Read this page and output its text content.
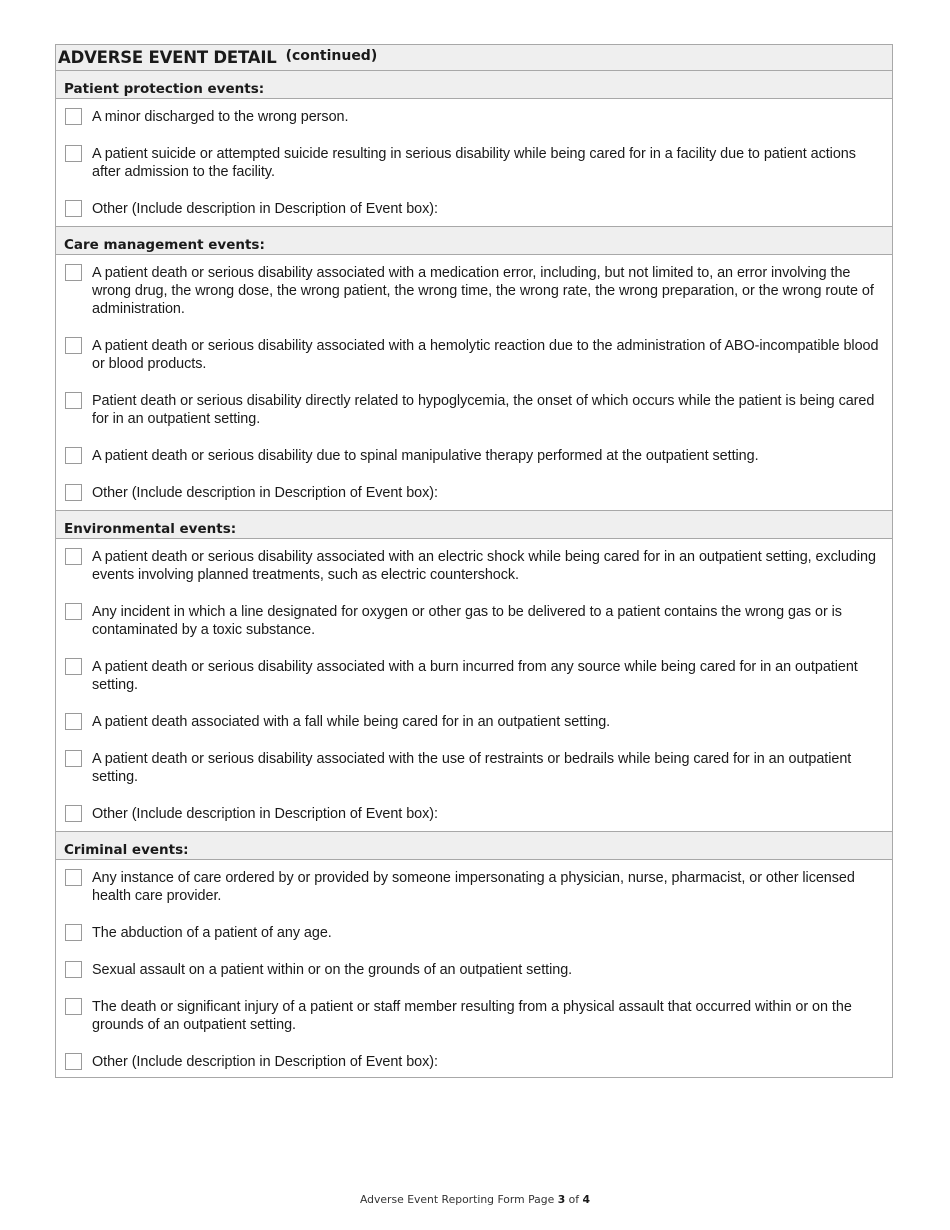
ADVERSE EVENT DETAIL (continued)
Patient protection events:
A minor discharged to the wrong person.
A patient suicide or attempted suicide resulting in serious disability while being cared for in a facility due to patient actions after admission to the facility.
Other (Include description in Description of Event box):
Care management events:
A patient death or serious disability associated with a medication error, including, but not limited to, an error involving the wrong drug, the wrong dose, the wrong patient, the wrong time, the wrong rate, the wrong preparation, or the wrong route of administration.
A patient death or serious disability associated with a hemolytic reaction due to the administration of ABO-incompatible blood or blood products.
Patient death or serious disability directly related to hypoglycemia, the onset of which occurs while the patient is being cared for in an outpatient setting.
A patient death or serious disability due to spinal manipulative therapy performed at the outpatient setting.
Other (Include description in Description of Event box):
Environmental events:
A patient death or serious disability associated with an electric shock while being cared for in an outpatient setting, excluding events involving planned treatments, such as electric countershock.
Any incident in which a line designated for oxygen or other gas to be delivered to a patient contains the wrong gas or is contaminated by a toxic substance.
A patient death or serious disability associated with a burn incurred from any source while being cared for in an outpatient setting.
A patient death associated with a fall while being cared for in an outpatient setting.
A patient death or serious disability associated with the use of restraints or bedrails while being cared for in an outpatient setting.
Other (Include description in Description of Event box):
Criminal events:
Any instance of care ordered by or provided by someone impersonating a physician, nurse, pharmacist, or other licensed health care provider.
The abduction of a patient of any age.
Sexual assault on a patient within or on the grounds of an outpatient setting.
The death or significant injury of a patient or staff member resulting from a physical assault that occurred within or on the grounds of an outpatient setting.
Other (Include description in Description of Event box):
Adverse Event Reporting Form Page 3 of 4
